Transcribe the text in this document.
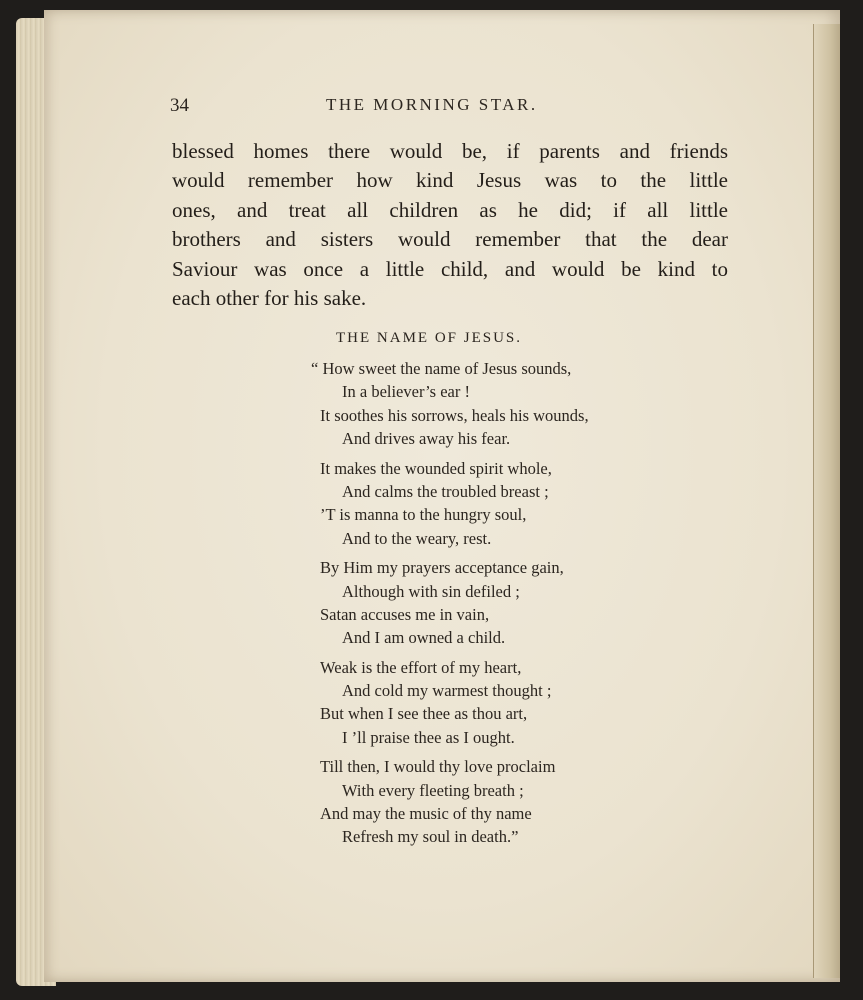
34	THE MORNING STAR.

blessed homes there would be, if parents and friends
would remember how kind Jesus was to the little
ones, and treat all children as he did; if all little
brothers and sisters would remember that the dear
Saviour was once a little child, and would be kind to
each other for his sake.

THE NAME OF JESUS.
“ How sweet the name of Jesus sounds,
In a believer’s ear !
It soothes his sorrows, heals his wounds,
And drives away his fear.
It makes the wounded spirit whole,
And calms the troubled breast ;
’T is manna to the hungry soul,
And to the weary, rest.
By Him my prayers acceptance gain,
Although with sin defiled ;
Satan accuses me in vain,
And I am owned a child.
Weak is the effort of my heart,
And cold my warmest thought ;
But when I see thee as thou art,
I ’ll praise thee as I ought.
Till then, I would thy love proclaim
With every fleeting breath ;
And may the music of thy name
Refresh my soul in death.”
